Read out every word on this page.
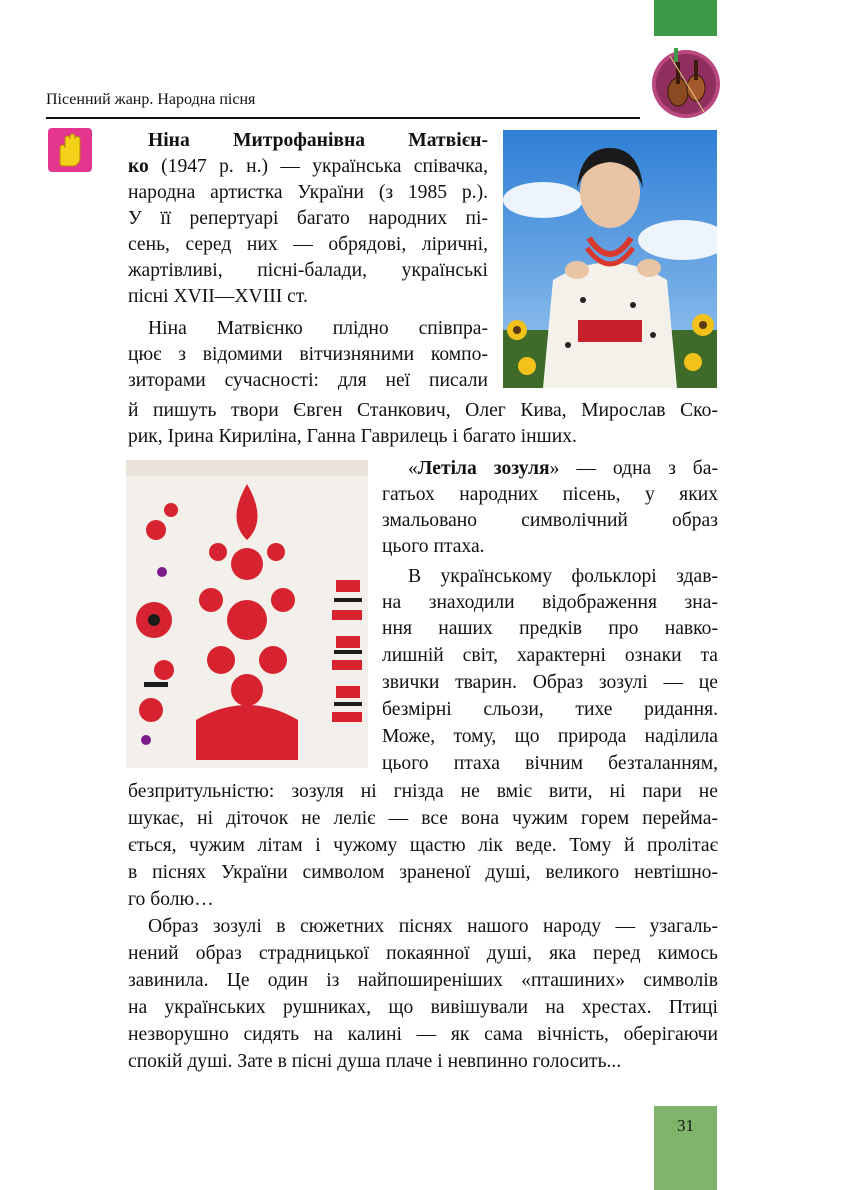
Пісенний жанр. Народна пісня
Ніна Митрофанівна Матвієн-
ко (1947 р. н.) — українська співачка,
народна артистка України (з 1985 р.).
У її репертуарі багато народних пі-
сень, серед них — обрядові, ліричні,
жартівливі, пісні-балади, українські
пісні XVII—XVIII ст.
Ніна Матвієнко плідно співпра-
цює з відомими вітчизняними компо-
зиторами сучасності: для неї писали
й пишуть твори Євген Станкович, Олег Кива, Мирослав Ско-
рик, Ірина Кириліна, Ганна Гаврилець і багато інших.
«Летіла зозуля» — одна з ба-
гатьох народних пісень, у яких
змальовано символічний образ
цього птаха.
В українському фольклорі здав-
на знаходили відображення зна-
ння наших предків про навко-
лишній світ, характерні ознаки та
звички тварин. Образ зозулі — це
безмірні сльози, тихе ридання.
Може, тому, що природа наділила
цього птаха вічним безталанням,
безпритульністю: зозуля ні гнізда не вміє вити, ні пари не
шукає, ні діточок не леліє — все вона чужим горем переймa-
ється, чужим літам і чужому щастю лік веде. Тому й пролітає
в піснях України символом зраненої душі, великого невтішно-
го болю…
Образ зозулі в сюжетних піснях нашого народу — узагаль-
нений образ страдницької покаянної душі, яка перед кимось
завинила. Це один із найпоширеніших «пташиних» символів
на українських рушниках, що вивішували на хрестах. Птиці
незворушно сидять на калині — як сама вічність, оберігаючи
спокій душі. Зате в пісні душа плаче і невпинно голосить...
31
